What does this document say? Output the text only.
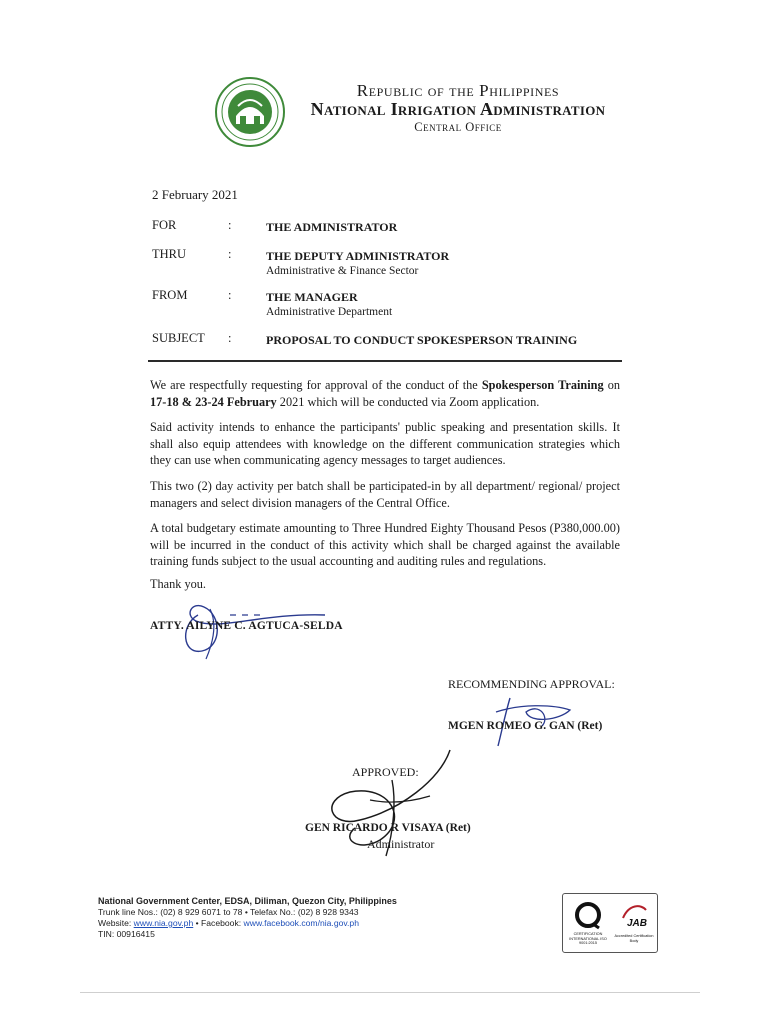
Republic of the Philippines
National Irrigation Administration
Central Office
2 February 2021
FOR	:	THE ADMINISTRATOR
THRU	:	THE DEPUTY ADMINISTRATOR
Administrative & Finance Sector
FROM	:	THE MANAGER
Administrative Department
SUBJECT :	PROPOSAL TO CONDUCT SPOKESPERSON TRAINING
We are respectfully requesting for approval of the conduct of the Spokesperson Training on 17-18 & 23-24 February 2021 which will be conducted via Zoom application.
Said activity intends to enhance the participants' public speaking and presentation skills. It shall also equip attendees with knowledge on the different communication strategies which they can use when communicating agency messages to target audiences.
This two (2) day activity per batch shall be participated-in by all department/ regional/ project managers and select division managers of the Central Office.
A total budgetary estimate amounting to Three Hundred Eighty Thousand Pesos (P380,000.00) will be incurred in the conduct of this activity which shall be charged against the available training funds subject to the usual accounting and auditing rules and regulations.
Thank you.
ATTY. AILYNE C. AGTUCA-SELDA
RECOMMENDING APPROVAL:
MGEN ROMEO G. GAN (Ret)
APPROVED:
GEN RICARDO R VISAYA (Ret)
Administrator
National Government Center, EDSA, Diliman, Quezon City, Philippines
Trunk line Nos.: (02) 8 929 6071 to 78 • Telefax No.: (02) 8 928 9343
Website: www.nia.gov.ph • Facebook: www.facebook.com/nia.gov.ph
TIN: 00916415	CERTIFICATION INTERNATIONAL ISO 9001:2015
JAB
Accredited Certification Body
